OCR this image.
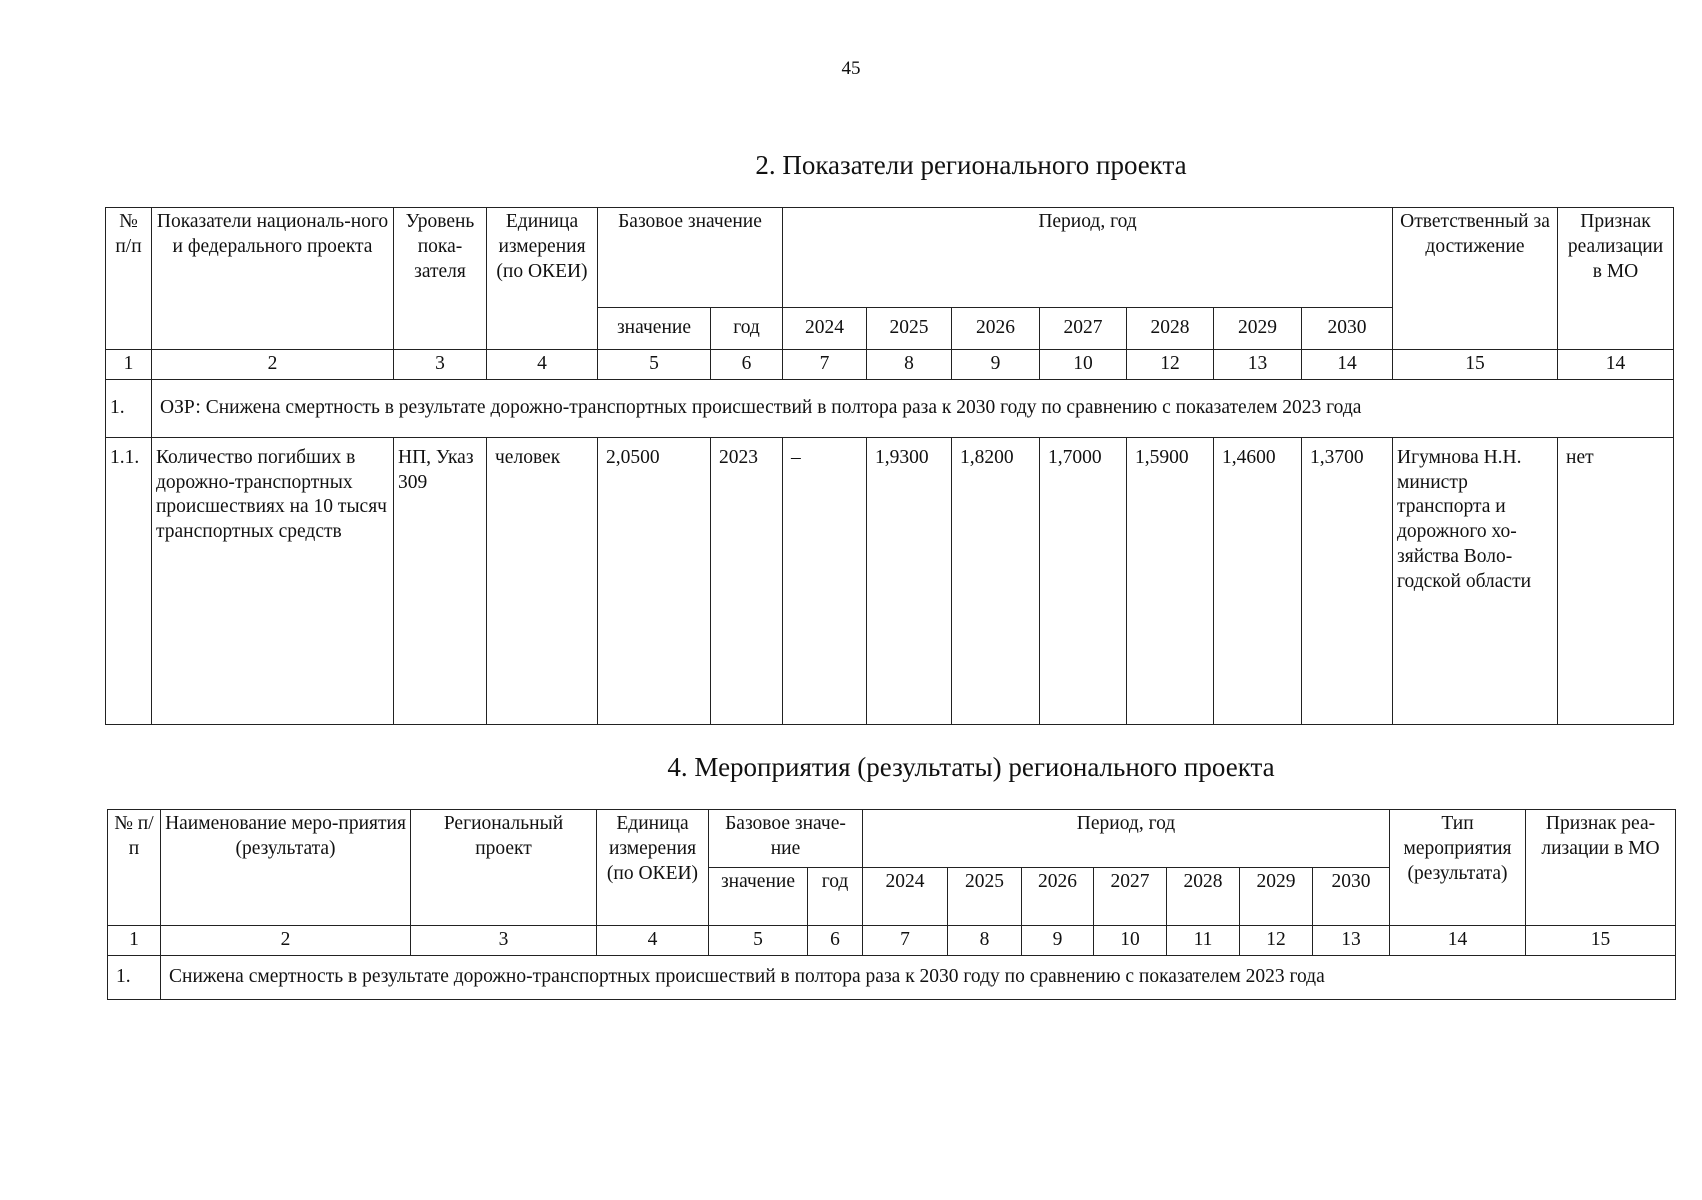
45
2. Показатели регионального проекта
№ п/п	Показатели националь-ного и федерального проекта	Уровень пока-зателя	Единица измерения (по ОКЕИ)	Базовое значение		Период, год							Ответственный за достижение	Признак реализации в МО
				значение	год	2024	2025	2026	2027	2028	2029	2030		
1	2	3	4	5	6	7	8	9	10	12	13	14	15	14
1.	ОЗР: Снижена смертность в результате дорожно-транспортных происшествий в полтора раза к 2030 году по сравнению с показателем 2023 года													
1.1.	Количество погибших в дорожно-транспортных происшествиях на 10 тысяч транспортных средств	НП, Указ 309	человек	2,0500	2023	–	1,9300	1,8200	1,7000	1,5900	1,4600	1,3700	Игумнова Н.Н. министр транспорта и дорожного хо-зяйства Воло-годской области	нет
4. Мероприятия (результаты) регионального проекта
№ п/п	Наименование меро-приятия (результата)	Региональный проект	Единица измерения (по ОКЕИ)	Базовое значе-ние		Период, год							Тип мероприятия (результата)	Признак реа-лизации в МО
				значение	год	2024	2025	2026	2027	2028	2029	2030		
1	2	3	4	5	6	7	8	9	10	11	12	13	14	15
1.	Снижена смертность в результате дорожно-транспортных происшествий в полтора раза к 2030 году по сравнению с показателем 2023 года													
